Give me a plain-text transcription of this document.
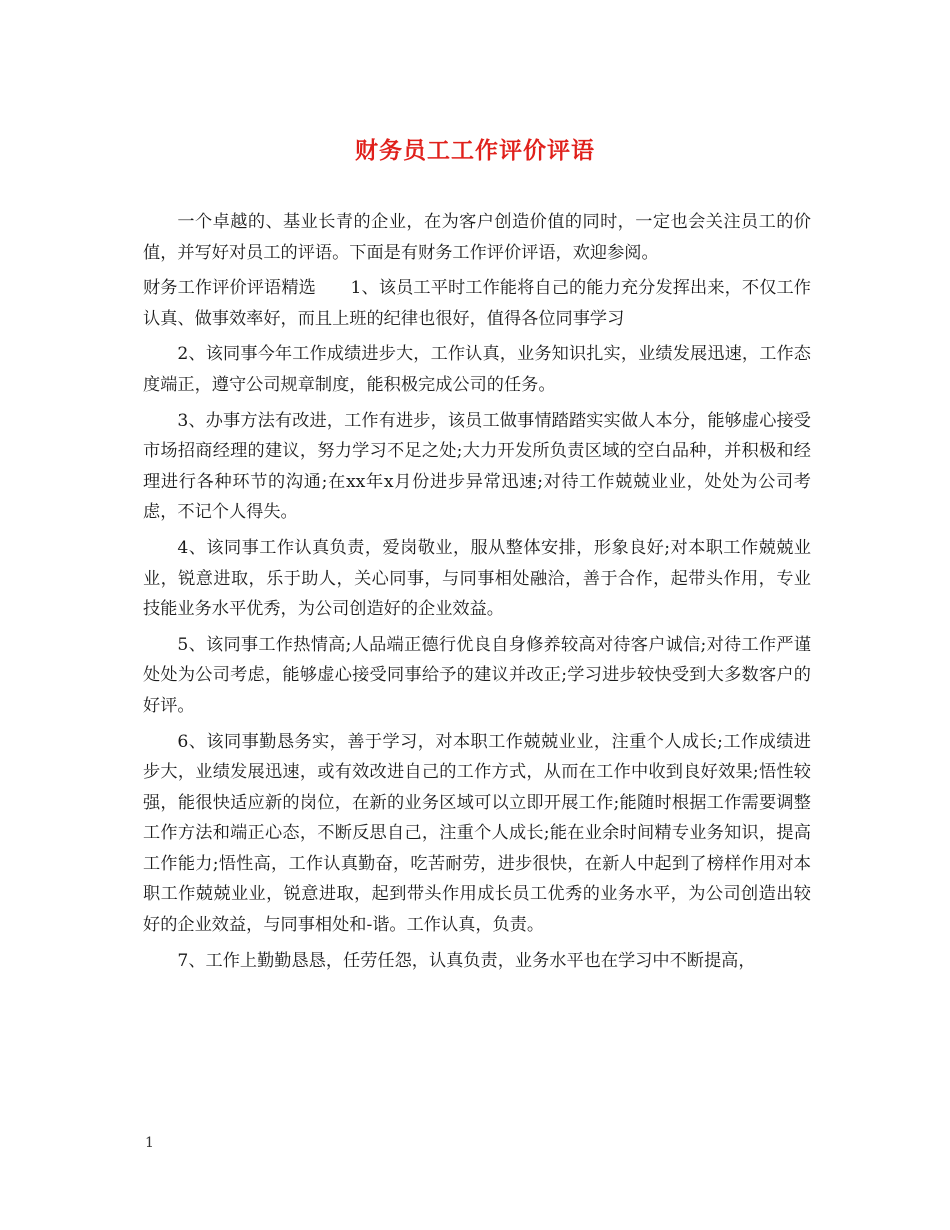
财务员工工作评价评语

一个卓越的、基业长青的企业，在为客户创造价值的同时，一定也会关注员工的价值，并写好对员工的评语。下面是有财务工作评价评语，欢迎参阅。

财务工作评价评语精选　　1、该员工平时工作能将自己的能力充分发挥出来，不仅工作认真、做事效率好，而且上班的纪律也很好，值得各位同事学习

2、该同事今年工作成绩进步大，工作认真，业务知识扎实，业绩发展迅速，工作态度端正，遵守公司规章制度，能积极完成公司的任务。

3、办事方法有改进，工作有进步，该员工做事情踏踏实实做人本分，能够虚心接受市场招商经理的建议，努力学习不足之处;大力开发所负责区域的空白品种，并积极和经理进行各种环节的沟通;在xx年x月份进步异常迅速;对待工作兢兢业业，处处为公司考虑，不记个人得失。

4、该同事工作认真负责，爱岗敬业，服从整体安排，形象良好;对本职工作兢兢业业，锐意进取，乐于助人，关心同事，与同事相处融洽，善于合作，起带头作用，专业技能业务水平优秀，为公司创造好的企业效益。

5、该同事工作热情高;人品端正德行优良自身修养较高对待客户诚信;对待工作严谨处处为公司考虑，能够虚心接受同事给予的建议并改正;学习进步较快受到大多数客户的好评。

6、该同事勤恳务实，善于学习，对本职工作兢兢业业，注重个人成长;工作成绩进步大，业绩发展迅速，或有效改进自己的工作方式，从而在工作中收到良好效果;悟性较强，能很快适应新的岗位，在新的业务区域可以立即开展工作;能随时根据工作需要调整工作方法和端正心态，不断反思自己，注重个人成长;能在业余时间精专业务知识，提高工作能力;悟性高，工作认真勤奋，吃苦耐劳，进步很快，在新人中起到了榜样作用对本职工作兢兢业业，锐意进取，起到带头作用成长员工优秀的业务水平，为公司创造出较好的企业效益，与同事相处和-谐。工作认真，负责。

7、工作上勤勤恳恳，任劳任怨，认真负责，业务水平也在学习中不断提高，

1
